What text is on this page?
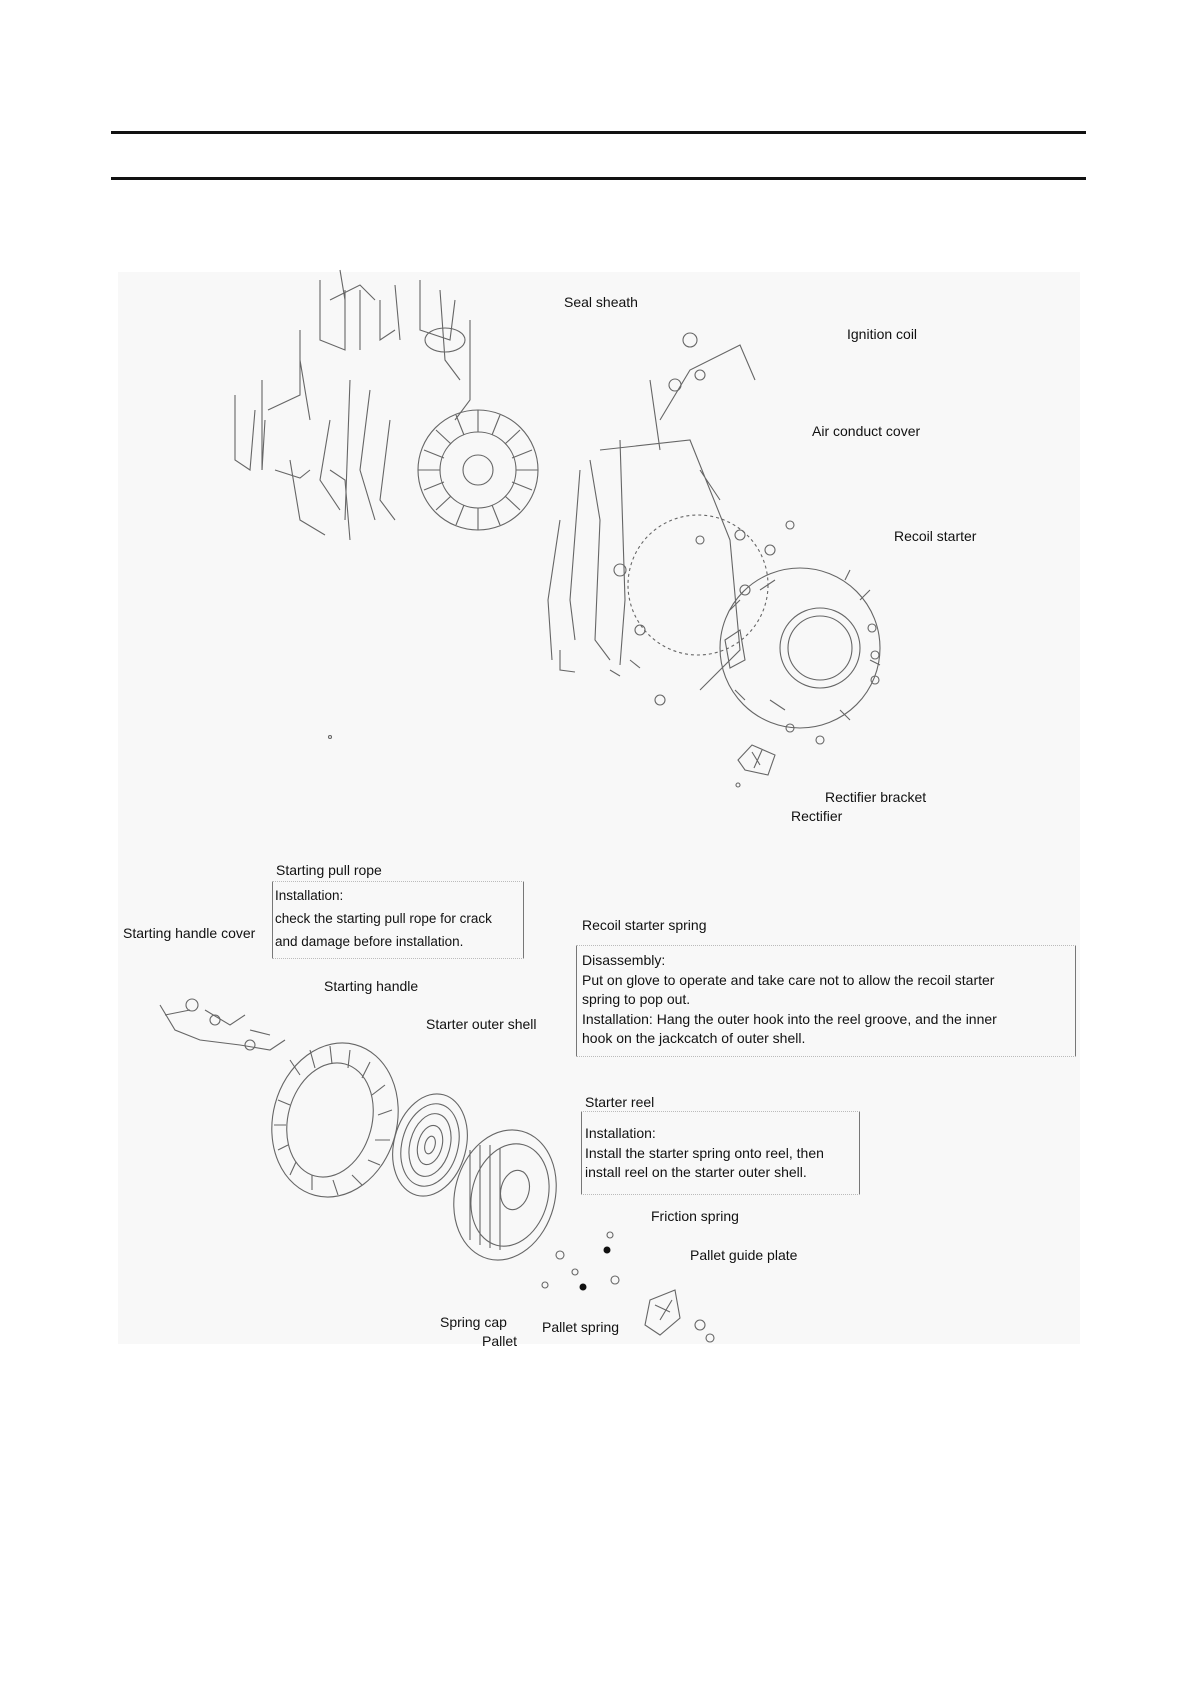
Seal sheath
Ignition coil
Air conduct cover
Recoil starter
Rectifier bracket
Rectifier
Starting pull rope
Starting handle cover
Starting handle
Starter outer shell
Recoil starter spring
Starter reel
Friction spring
Pallet guide plate
Spring cap	Pallet spring
Pallet
Installation:
check the starting pull rope for crack
and damage before installation.
Disassembly:
Put on glove to operate and take care not to allow the recoil starter
spring to pop out.
Installation: Hang the outer hook into the reel groove, and the inner
hook on the jackcatch of outer shell.
Installation:
Install the starter spring onto reel, then
install reel on the starter outer shell.
